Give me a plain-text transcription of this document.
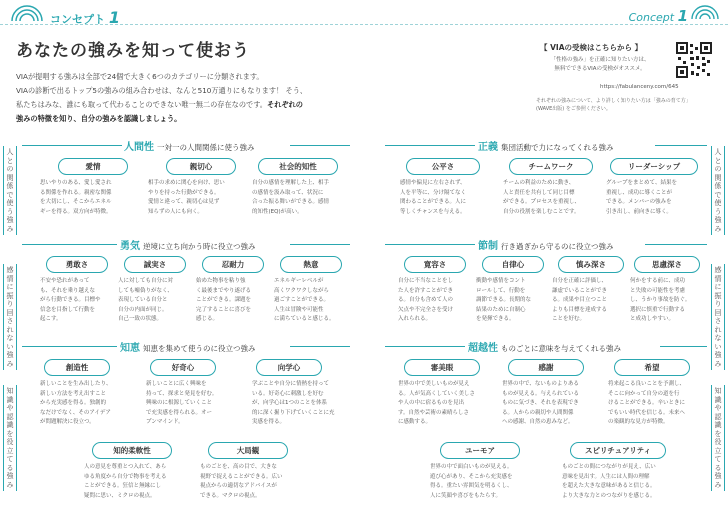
コンセプト 1	Concept 1
あなたの強みを知って使おう
VIAが提唱する強みは全部で24個で大きく6つのカテゴリーに分類されます。
VIAの診断で出るトップ5の強みの組み合わせは、なんと510万通りにもなります！ そう、
私たちはみな、誰にも取って代わることのできない唯一無二の存在なのです。それぞれの
強みの特徴を知り、自分の強みを認識しましょう。
【 VIAの受検はこちらから 】
「性格の強み」を正確に知りたい方は、
無料でできるVIAの受検がオススメ。
https://fabulanceny.com/645
それぞれの強みについて、より詳しく知りたい方は「強みの育て方」
(WAVE出版) をご参照ください。
人との関係で使う強み
感情に振り回されない強み
知識や認識を役立てる強み
人との関係で使う強み
感情に振り回されない強み
知識や認識を役立てる強み
人間性 一対一の人間関係に使う強み	正義 集団活動で力になってくれる強み
勇気 逆境に立ち向かう時に役立つ強み	節制 行き過ぎから守るのに役立つ強み
知恵 知恵を集めて使うのに役立つ強み	超越性 ものごとに意味を与えてくれる強み
愛情
思いやりのある、愛し愛され
る関係を作れる。親密な関係
を大切にし、そこからエネル
ギーを得る。双方向が特徴。
親切心
相手の求めに関心を向け、思い
やりを持った行動ができる。
愛情と違って、親切心は見ず
知らずの人にも向く。
社会的知性
自分の感情を理解した上、相手
の感情を汲み取って、状況に
合った振る舞いができる。感情
的知性(EQ)が高い。
公平さ
感情や偏見に左右されず、
人を平等に、分け隔てなく
関わることができる。人に
等しくチャンスを与える。
チームワーク
チームの利益のために動き、
人と責任を共有して同じ目標
ができる。プロセスを重視し、
自分の役割を楽しむことです。
リーダーシップ
グループをまとめて、結果を
重視し、成功に導くことが
できる。メンバーの強みを
引き出し、前向きに導く。
勇敢さ
不安や恐れがあって
も、それを乗り越えな
がら行動できる。目標や
信念を目指して行動を
起こす。
誠実さ
人に対しても自分に対
しても嘘偽りがなく、
表現している自分と
自分の内面が同じ。
自己一致の状態。
忍耐力
始めた物事を粘り強
く最後までやり遂げる
ことができる。課題を
完了することに喜びを
感じる。
熱意
エネルギーレベルが
高くワクワクしながら
過ごすことができる。
人生は冒険や可能性
に満ちていると感じる。
寛容さ
自分に不当なことをし
た人を許すことができ
る。自分も含めて人の
欠点や不完全さを受け
入れられる。
自律心
衝動や感情をコント
ロールして、行動を
調節できる。長期的な
結果のために自制心
を発揮できる。
慎み深さ
自分を正確に評価し、
謙虚でいることができ
る。成果や目立つこと
よりも目標を達成する
ことを好む。
思慮深さ
何かをする前に、成功
と失敗の可能性を考慮
し、うかり事故を防ぐ。
選択に慎重で行動する
と成功しやすい。
創造性
新しいことを生み出したり、
新しい方法を考え出すこと
から充実感を得る。独創的
なだけでなく、そのアイデア
が問題解決に役立つ。
好奇心
新しいことに広く興味を
持って、探求と発見を好む。
興味のに根源していくこと
で充実感を得られる。オー
プンマインド。
向学心
学ぶことや自分に情熱を持って
いる。好奇心に刺激しを好む
が、向学心は1つのことを体系
的に深く掘り下げていくことに充
実感を得る。
知的柔軟性
人の意見を尊重とつ入れて、あら
ゆる角度から自分で物事を考える
ことができる。狂信と無縁にし
疑問に思い、ミクロの視点。
大局観
ものごとを、高の目で、大きな
視野で捉えることができる。広い
視点からの適切なアドバイスが
できる。マクロの視点。
審美眼
世界の中で美しいものが見え
る。人が気高くしていく美しさ
や人の中に宿るものを見出
す。自然や芸術の素晴らしさ
に感動する。
感謝
世界の中で、ないものよりある
ものが見える。与えられている
ものに気づき、それを表現でき
る。人からの親切や人間関係
への感謝、自然の恵みなど。
希望
将来起こる良いことを予測し、
そこに向かって自分の道を行
けることができる。辛いときに
でもいい時代を信じる。未来へ
の楽観的な見方が特徴。
ユーモア
世界の中で面白いものが見える。
遊び心があり、そこから充実感を
得る。重たい雰囲気を明るくし、
人に笑顔や喜びをもたらす。
スピリチュアリティ
ものごとの間につながりが見え、広い
意味を見出す。人生には人間の理解
を超えた大きな意味があると信じる。
より大きな力とのつながりを感じる。
